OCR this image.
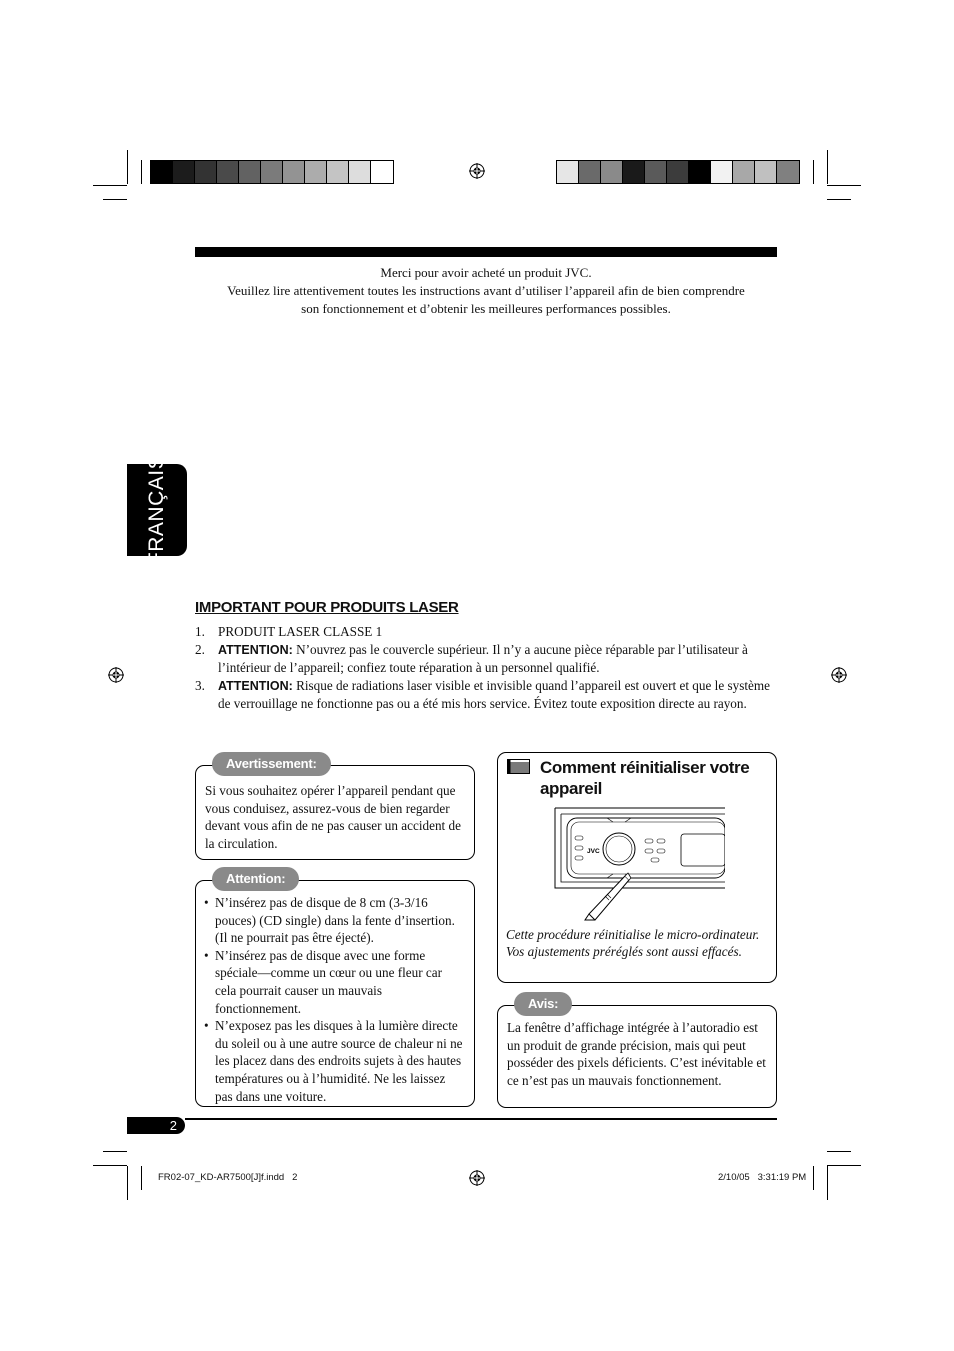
Merci pour avoir acheté un produit JVC.
Veuillez lire attentivement toutes les instructions avant d’utiliser l’appareil afin de bien comprendre
son fonctionnement et d’obtenir les meilleures performances possibles.
FRANÇAIS
IMPORTANT POUR PRODUITS LASER
1. PRODUIT LASER CLASSE 1
2. ATTENTION: N’ouvrez pas le couvercle supérieur. Il n’y a aucune pièce réparable par l’utilisateur à l’intérieur de l’appareil; confiez toute réparation à un personnel qualifié.
3. ATTENTION: Risque de radiations laser visible et invisible quand l’appareil est ouvert et que le système de verrouillage ne fonctionne pas ou a été mis hors service. Évitez toute exposition directe au rayon.
Avertissement:
Si vous souhaitez opérer l’appareil pendant que vous conduisez, assurez-vous de bien regarder devant vous afin de ne pas causer un accident de la circulation.
Attention:
• N’insérez pas de disque de 8 cm (3-3/16 pouces) (CD single) dans la fente d’insertion. (Il ne pourrait pas être éjecté).
• N’insérez pas de disque avec une forme spéciale—comme un cœur ou une fleur car cela pourrait causer un mauvais fonctionnement.
• N’exposez pas les disques à la lumière directe du soleil ou à une autre source de chaleur ni ne les placez dans des endroits sujets à des hautes températures ou à l’humidité. Ne les laissez pas dans une voiture.
Comment réinitialiser votre
appareil
JVC
Cette procédure réinitialise le micro-ordinateur. Vos ajustements préréglés sont aussi effacés.
Avis:
La fenêtre d’affichage intégrée à l’autoradio est un produit de grande précision, mais qui peut posséder des pixels déficients. C’est inévitable et ce n’est pas un mauvais fonctionnement.
2
FR02-07_KD-AR7500[J]f.indd   2	2/10/05   3:31:19 PM
